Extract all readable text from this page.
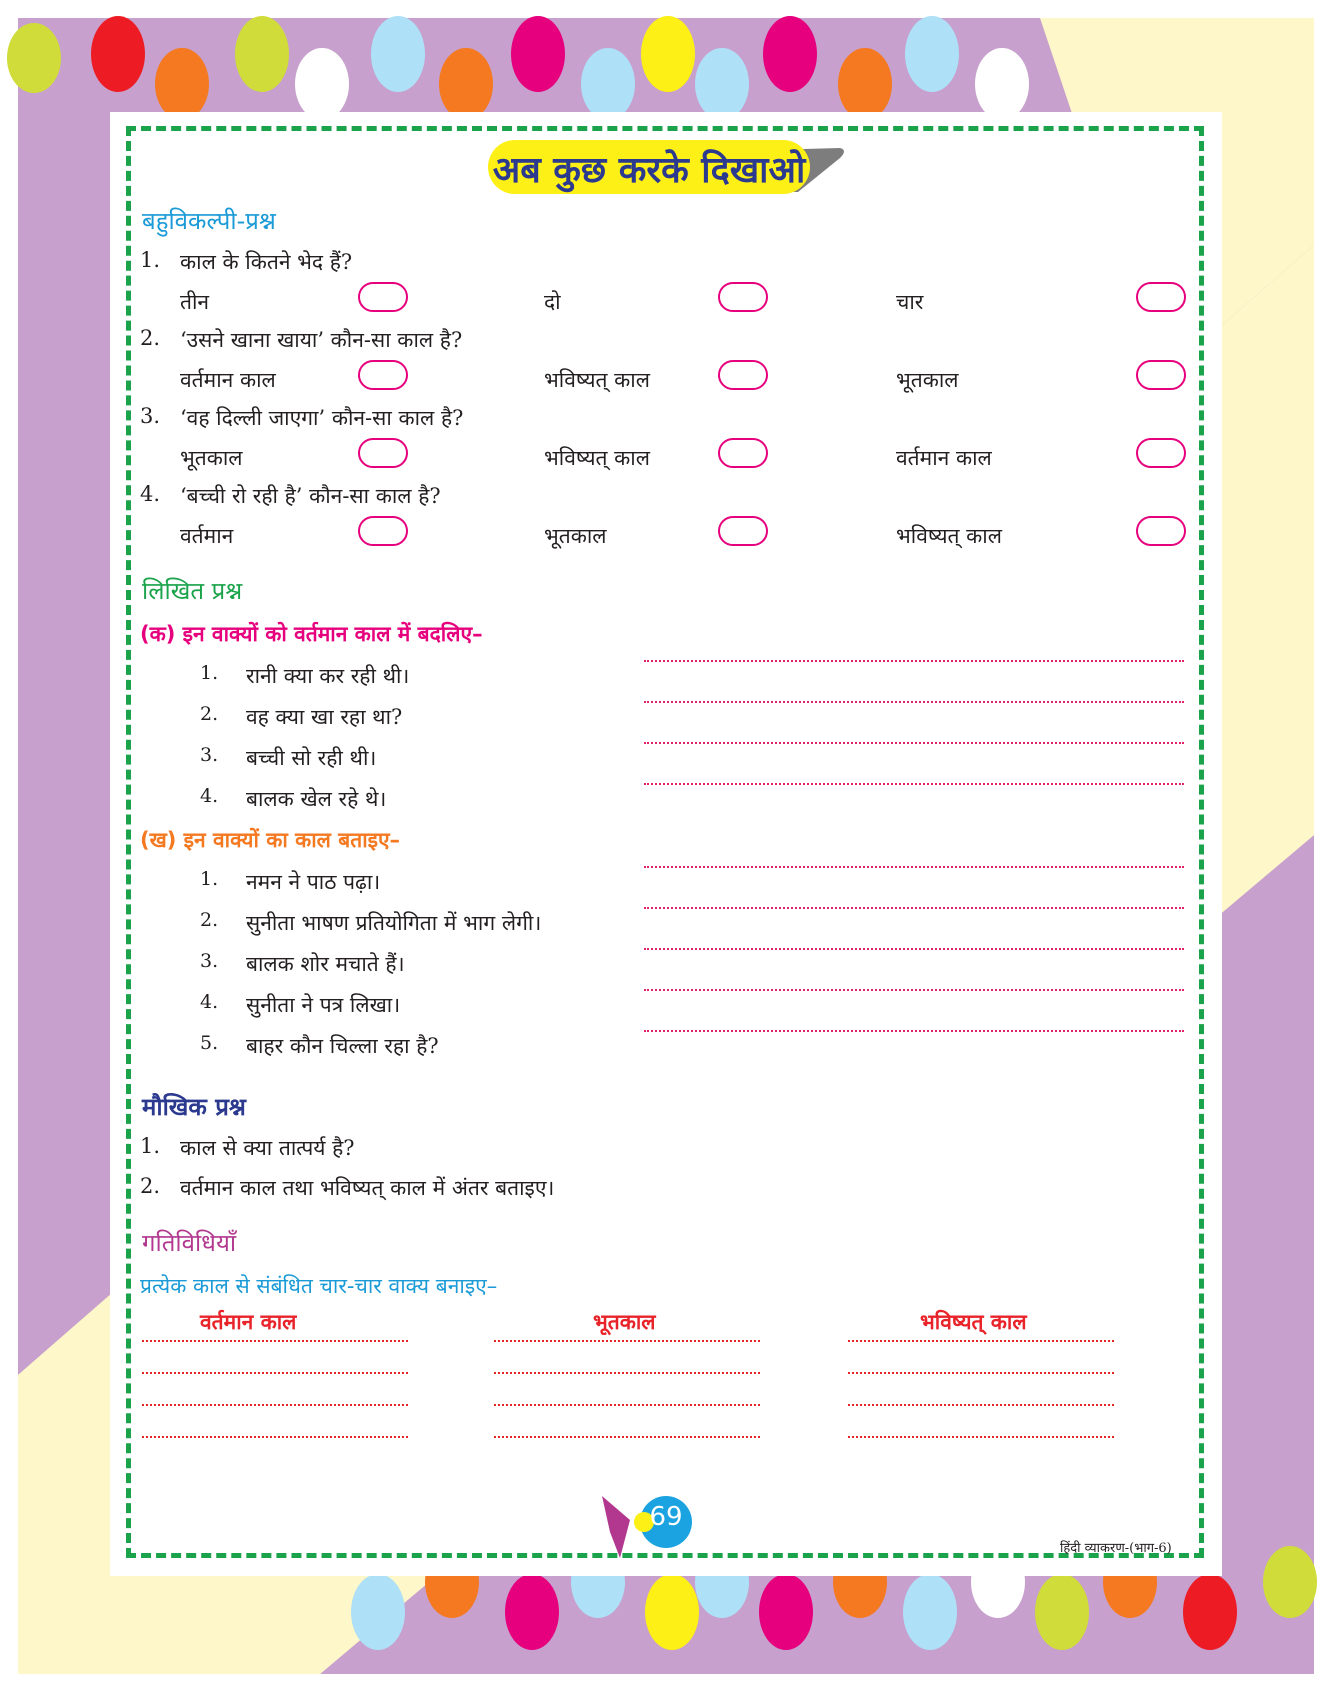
अब कुछ करके दिखाओ
बहुविकल्पी-प्रश्न
1. काल के कितने भेद हैं?
तीन	दो	चार
2. ‘उसने खाना खाया’ कौन-सा काल है?
वर्तमान काल	भविष्यत् काल	भूतकाल
3. ‘वह दिल्ली जाएगा’ कौन-सा काल है?
भूतकाल	भविष्यत् काल	वर्तमान काल
4. ‘बच्ची रो रही है’ कौन-सा काल है?
वर्तमान	भूतकाल	भविष्यत् काल
लिखित प्रश्न
(क) इन वाक्यों को वर्तमान काल में बदलिए–
1. रानी क्या कर रही थी।
2. वह क्या खा रहा था?
3. बच्ची सो रही थी।
4. बालक खेल रहे थे।
(ख) इन वाक्यों का काल बताइए–
1. नमन ने पाठ पढ़ा।
2. सुनीता भाषण प्रतियोगिता में भाग लेगी।
3. बालक शोर मचाते हैं।
4. सुनीता ने पत्र लिखा।
5. बाहर कौन चिल्ला रहा है?
मौखिक प्रश्न
1. काल से क्या तात्पर्य है?
2. वर्तमान काल तथा भविष्यत् काल में अंतर बताइए।
गतिविधियाँ
प्रत्येक काल से संबंधित चार-चार वाक्य बनाइए–
वर्तमान काल	भूतकाल	भविष्यत् काल
69
हिंदी व्याकरण-(भाग-6)
